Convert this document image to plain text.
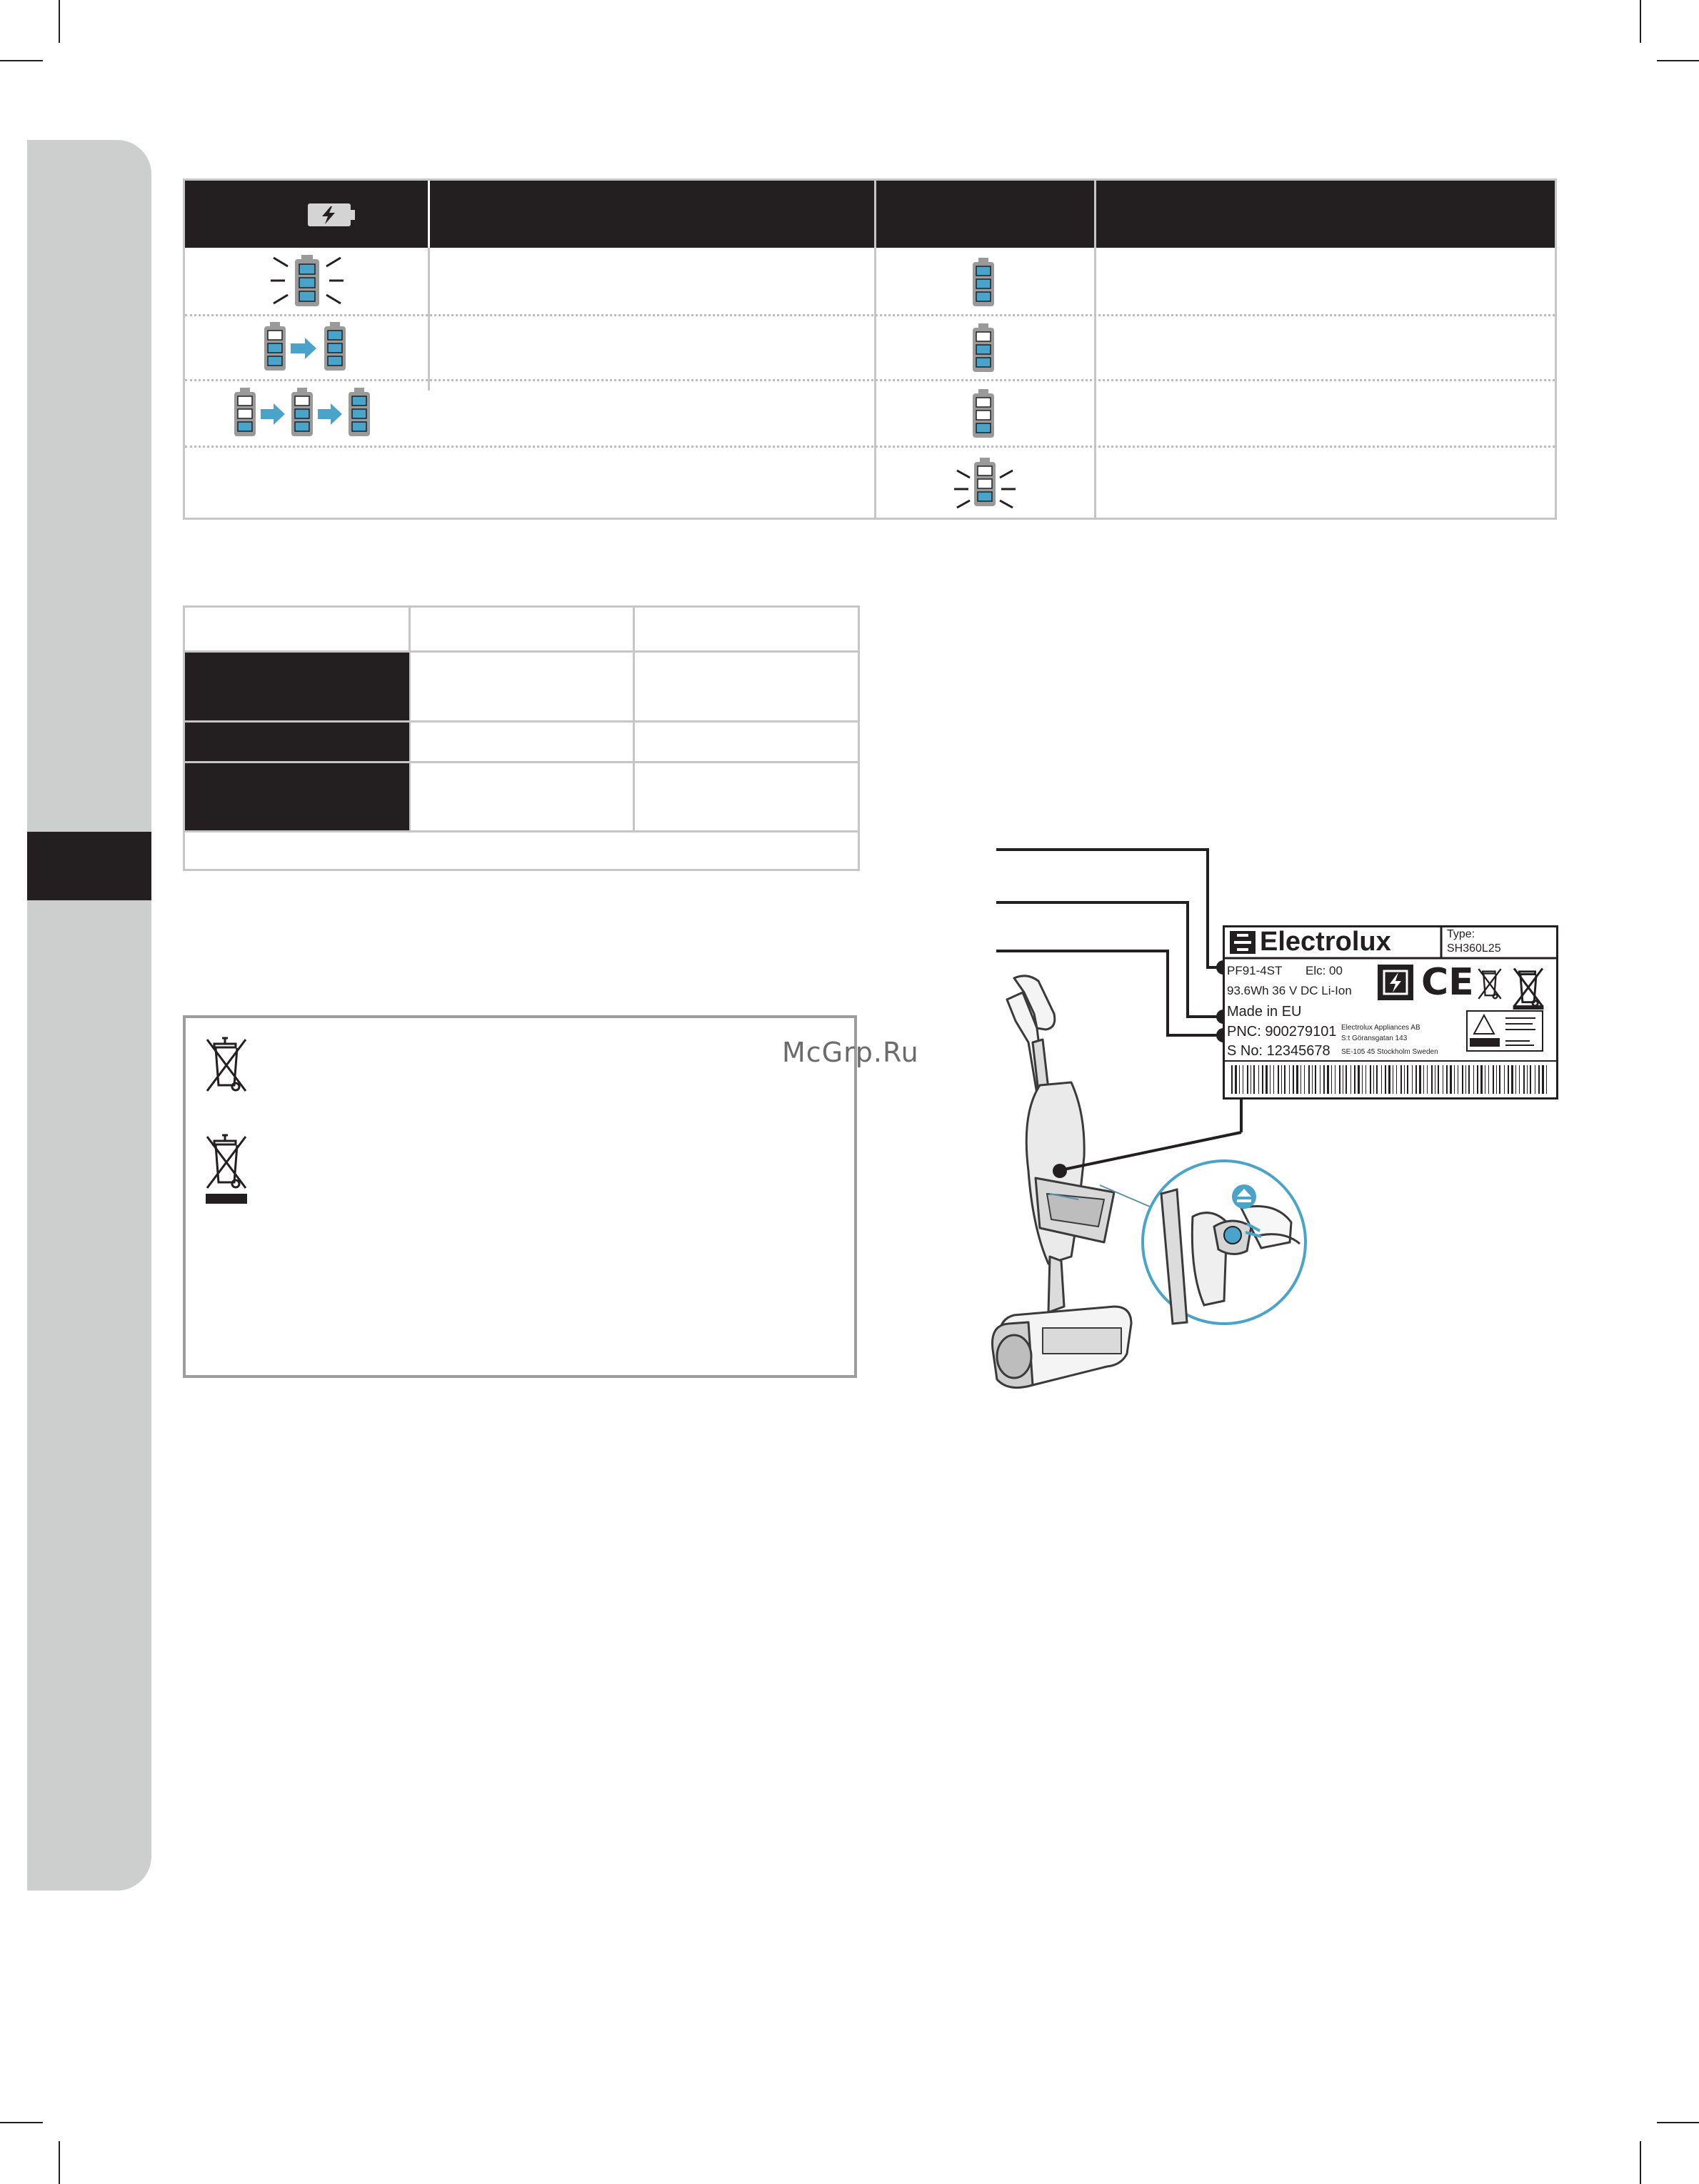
McGrp.Ru
Electrolux	Type:
SH360L25
PF91-4ST Elc: 00
93.6Wh 36 V DC Li-Ion
Made in EU
PNC: 900279101
S No: 12345678
Electrolux Appliances AB
S:t Göransgatan 143
SE-105 45 Stockholm Sweden
CE
